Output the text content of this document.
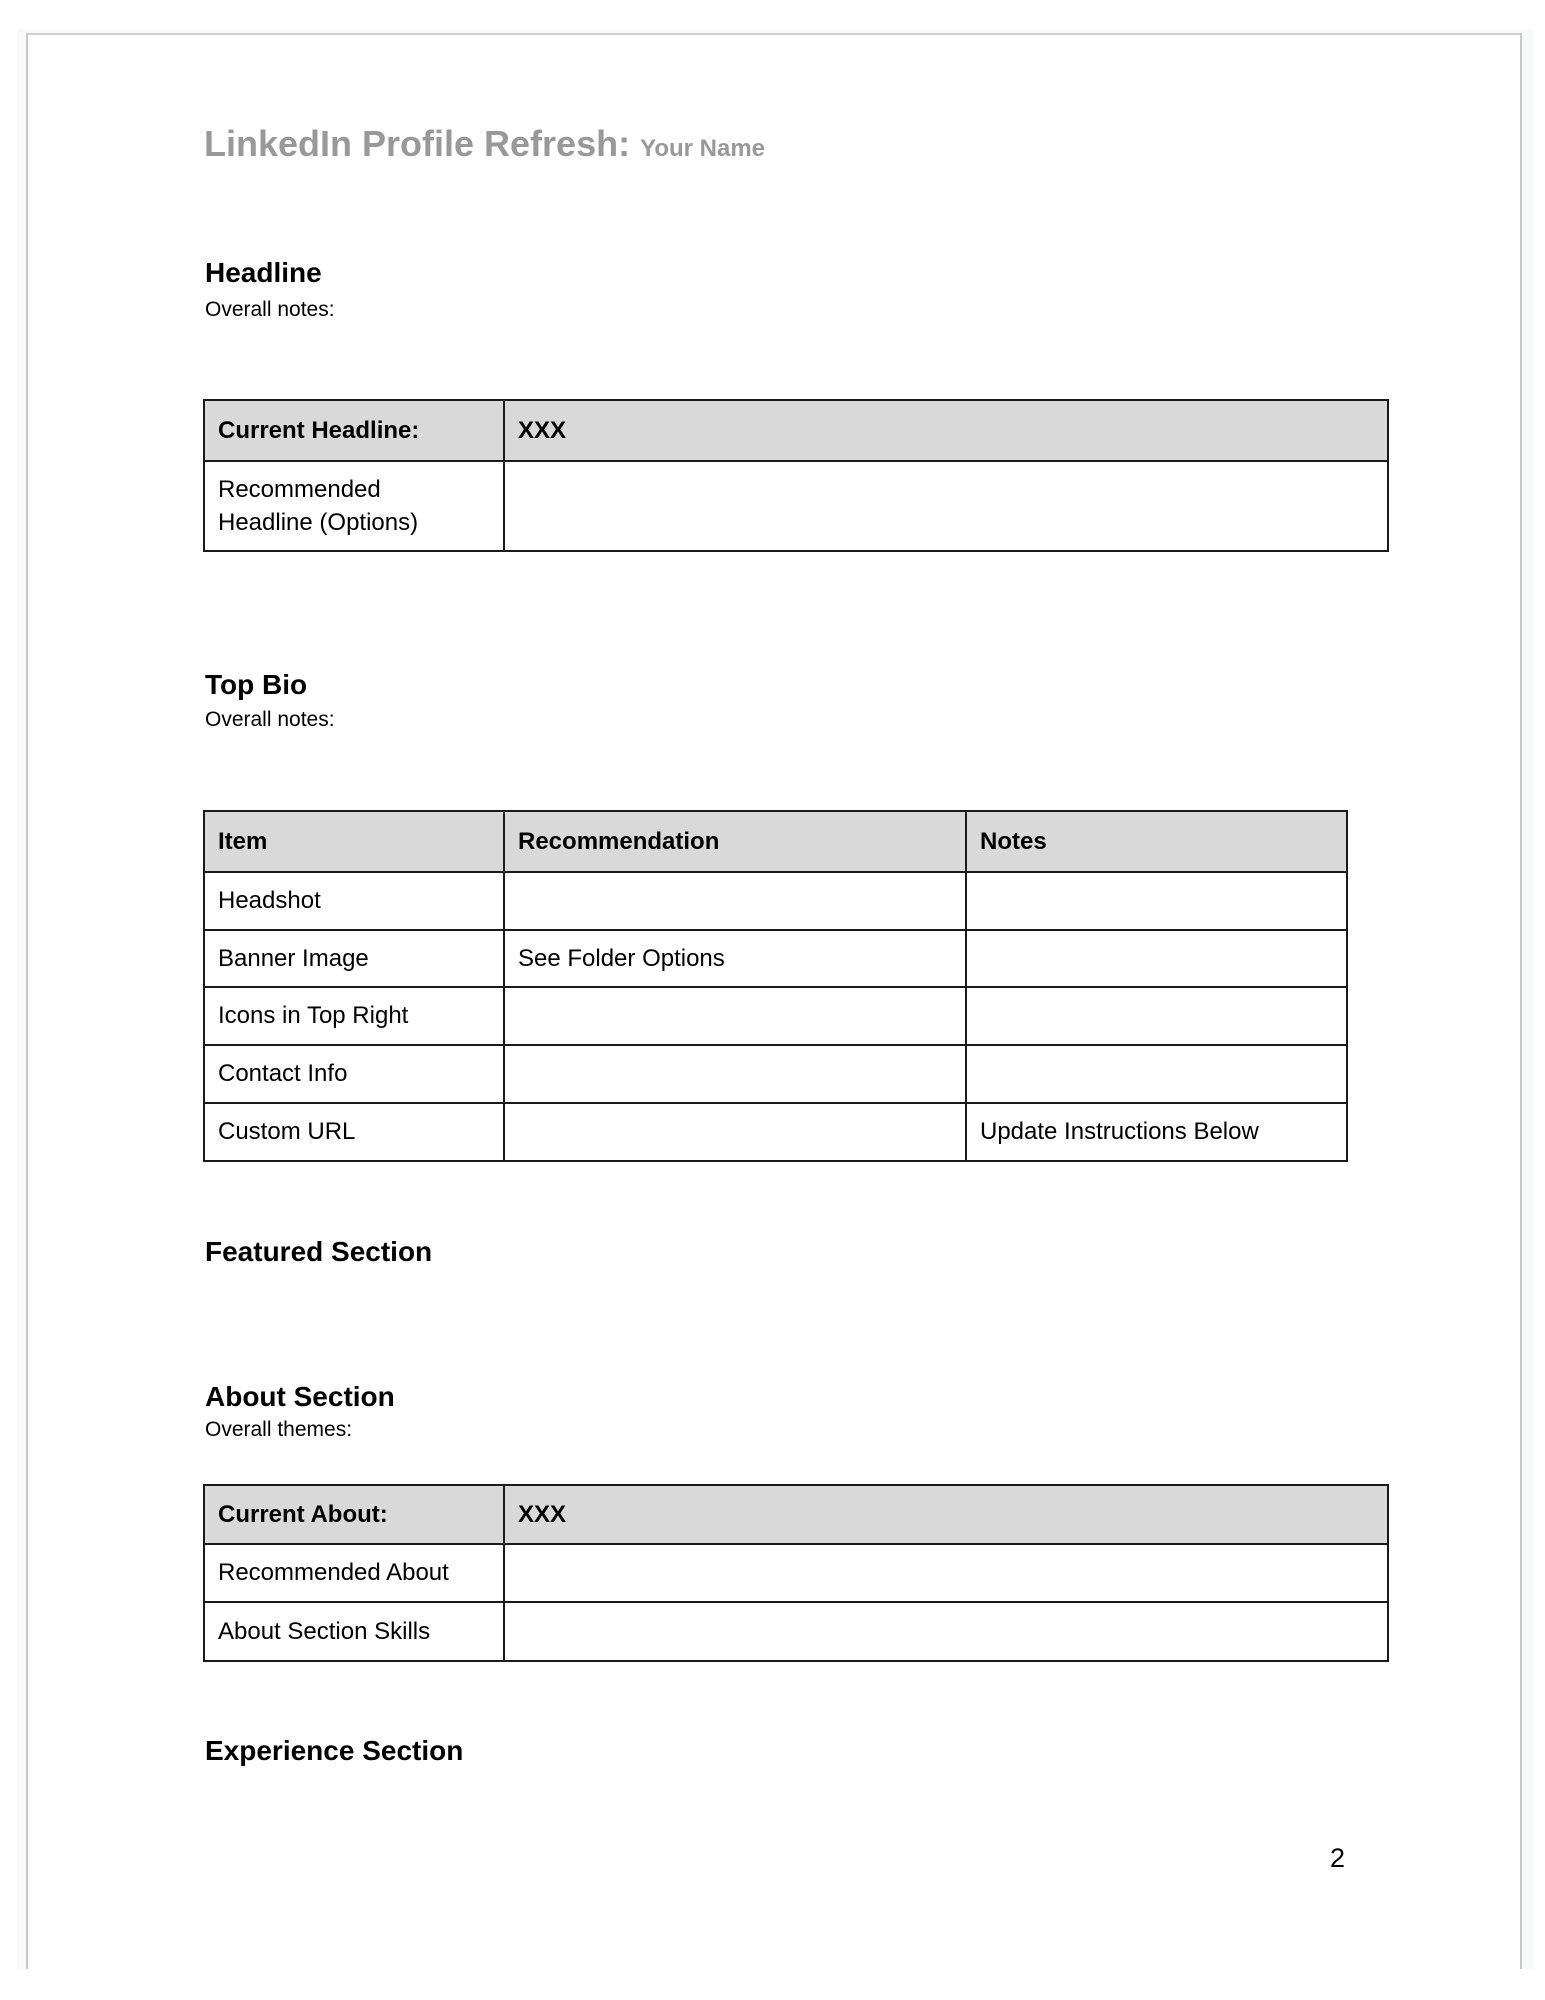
LinkedIn Profile Refresh: Your Name
Headline
Overall notes:
Current Headline:	XXX
Recommended Headline (Options)	
Top Bio
Overall notes:
Item	Recommendation	Notes
Headshot		
Banner Image	See Folder Options	
Icons in Top Right		
Contact Info		
Custom URL		Update Instructions Below
Featured Section
About Section
Overall themes:
Current About:	XXX
Recommended About	
About Section Skills	
Experience Section
2
